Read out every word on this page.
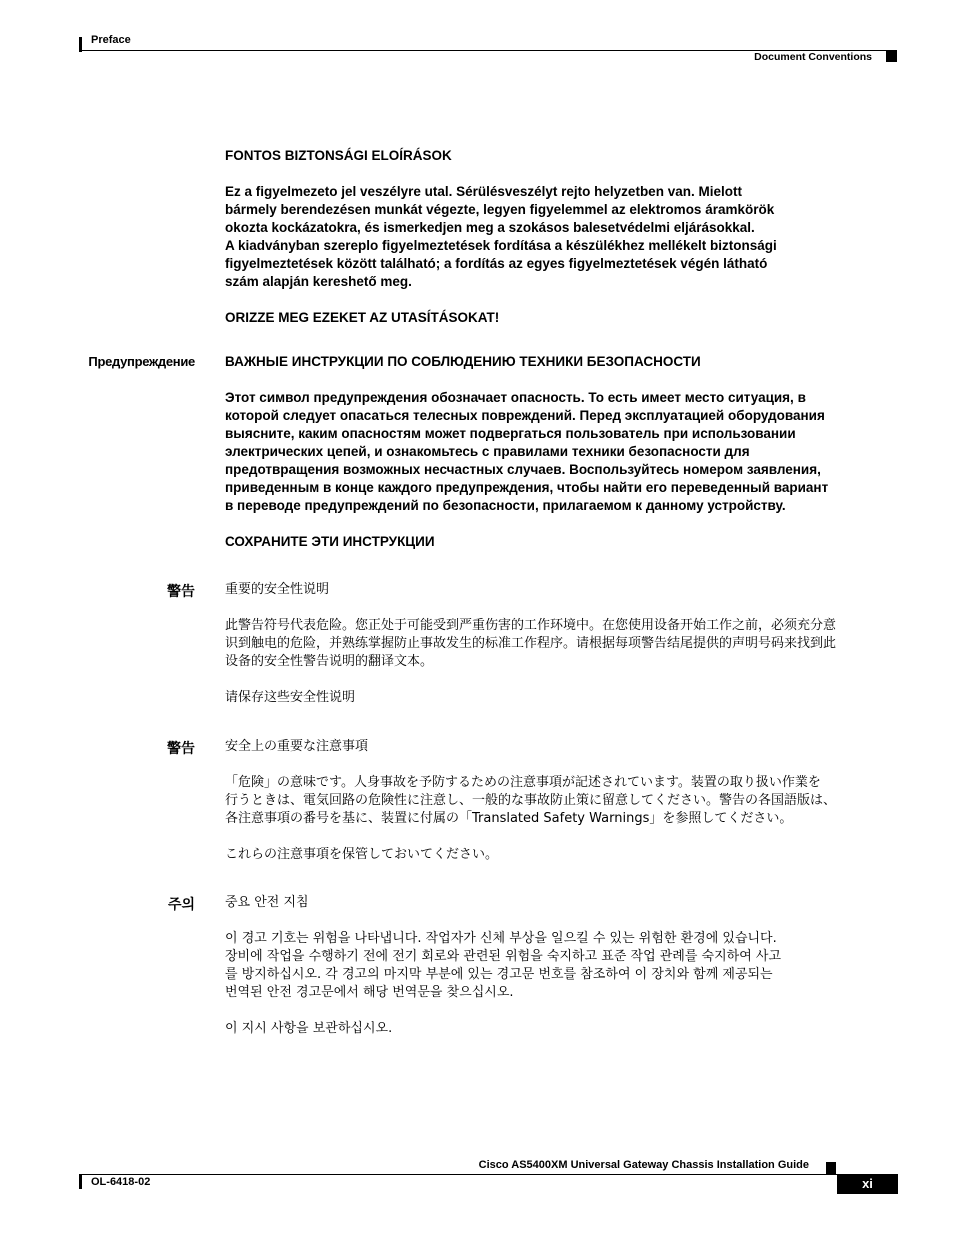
Preface
Document Conventions

FONTOS BIZTONSÁGI ELOÍRÁSOK

Ez a figyelmezeto jel veszélyre utal. Sérülésveszélyt rejto helyzetben van. Mielott

bármely berendezésen munkát végezte, legyen figyelemmel az elektromos áramkörök

okozta kockázatokra, és ismerkedjen meg a szokásos balesetvédelmi eljárásokkal.

A kiadványban szereplo figyelmeztetések fordítása a készülékhez mellékelt biztonsági

figyelmeztetések között található; a fordítás az egyes figyelmeztetések végén látható

szám alapján kereshető meg.

ORIZZE MEG EZEKET AZ UTASÍTÁSOKAT!

Предупреждение ВАЖНЫЕ ИНСТРУКЦИИ ПО СОБЛЮДЕНИЮ ТЕХНИКИ БЕЗОПАСНОСТИ

Этот символ предупреждения обозначает опасность. То есть имеет место ситуация, в

которой следует опасаться телесных повреждений. Перед эксплуатацией оборудования

выясните, каким опасностям может подвергаться пользователь при использовании

электрических цепей, и ознакомьтесь с правилами техники безопасности для

предотвращения возможных несчастных случаев. Воспользуйтесь номером заявления,

приведенным в конце каждого предупреждения, чтобы найти его переведенный вариант

в переводе предупреждений по безопасности, прилагаемом к данному устройству.

СОХРАНИТЕ ЭТИ ИНСТРУКЦИИ

警告 重要的安全性说明

此警告符号代表危险。您正处于可能受到严重伤害的工作环境中。在您使用设备开始工作之前，必须充分意

识到触电的危险，并熟练掌握防止事故发生的标准工作程序。请根据每项警告结尾提供的声明号码来找到此

设备的安全性警告说明的翻译文本。

请保存这些安全性说明

警告 安全上の重要な注意事項

「危険」の意味です。人身事故を予防するための注意事項が記述されています。装置の取り扱い作業を

行うときは、電気回路の危険性に注意し、一般的な事故防止策に留意してください。警告の各国語版は、

各注意事項の番号を基に、装置に付属の「Translated Safety Warnings」を参照してください。

これらの注意事項を保管しておいてください。

주의 중요 안전 지침

이 경고 기호는 위험을 나타냅니다. 작업자가 신체 부상을 일으킬 수 있는 위험한 환경에 있습니다.

장비에 작업을 수행하기 전에 전기 회로와 관련된 위험을 숙지하고 표준 작업 관례를 숙지하여 사고

를 방지하십시오. 각 경고의 마지막 부분에 있는 경고문 번호를 참조하여 이 장치와 함께 제공되는

번역된 안전 경고문에서 해당 번역문을 찾으십시오.

이 지시 사항을 보관하십시오.

Cisco AS5400XM Universal Gateway Chassis Installation Guide
OL-6418-02	xi
